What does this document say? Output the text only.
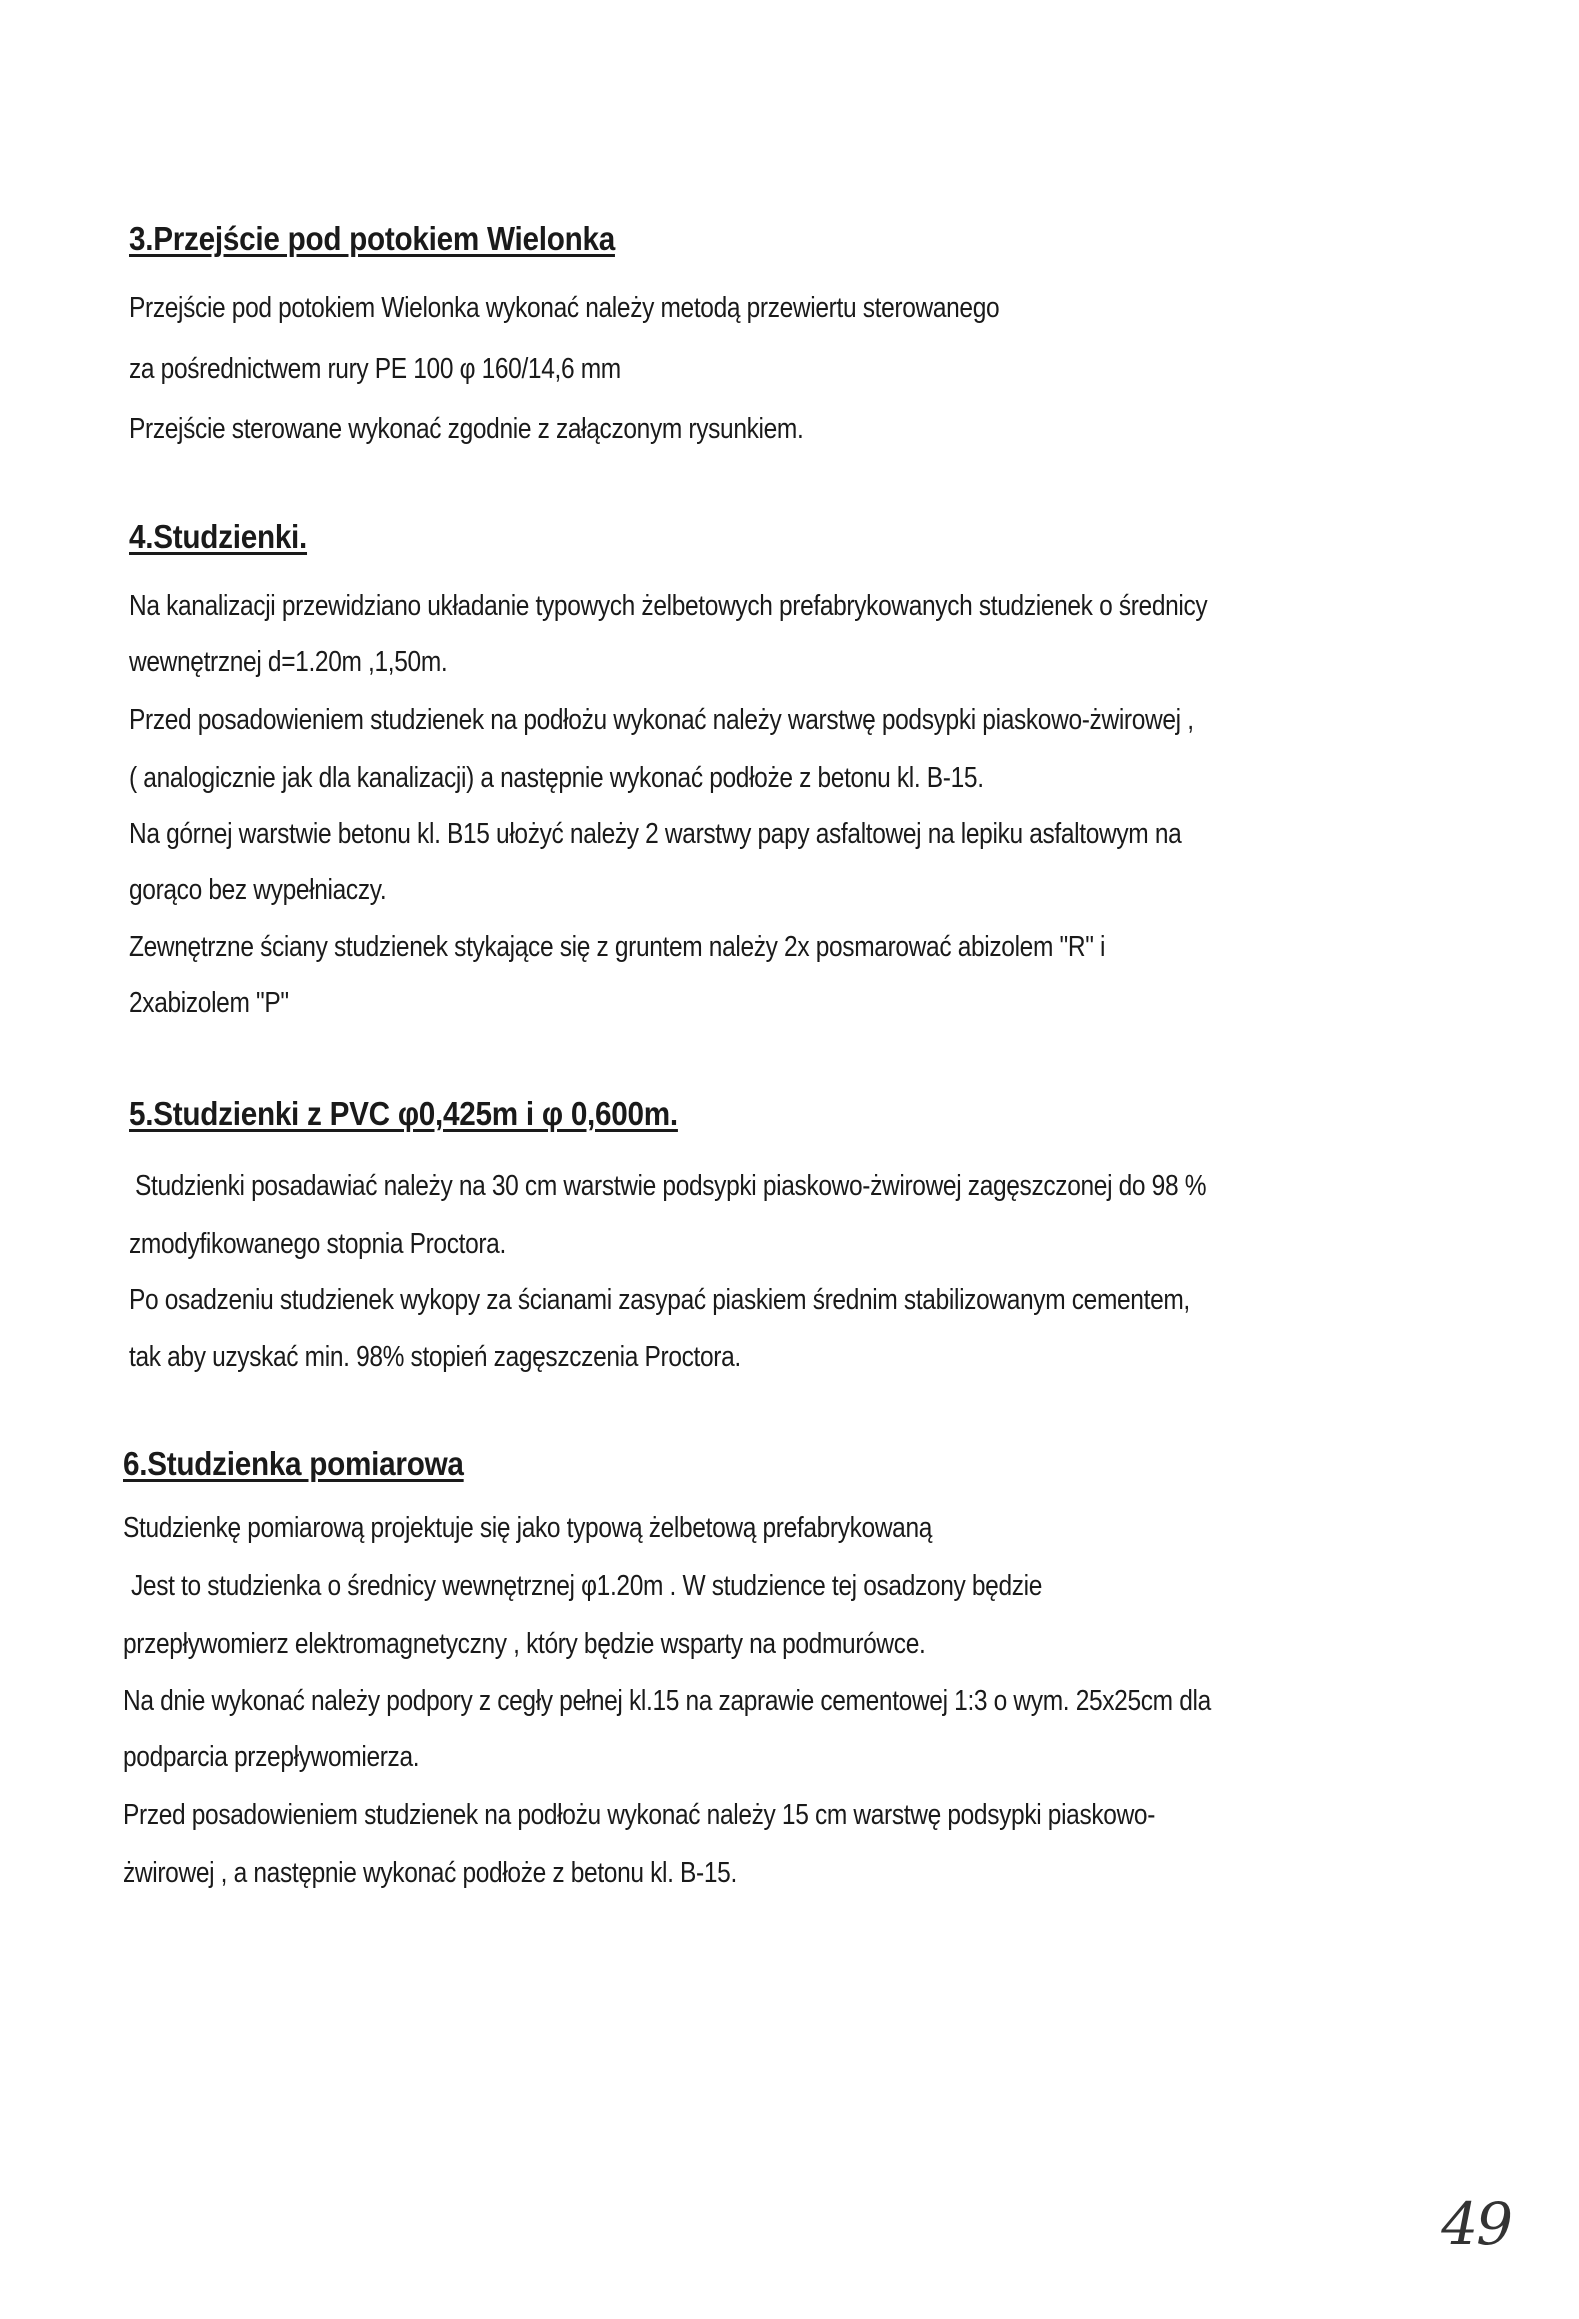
3.Przejście pod potokiem Wielonka

Przejście pod potokiem Wielonka wykonać należy metodą przewiertu sterowanego

za pośrednictwem rury PE 100 φ 160/14,6 mm

Przejście sterowane wykonać zgodnie z załączonym rysunkiem.

4.Studzienki.

Na kanalizacji przewidziano układanie typowych żelbetowych prefabrykowanych studzienek o średnicy

wewnętrznej d=1.20m ,1,50m.

Przed posadowieniem studzienek na podłożu wykonać należy warstwę podsypki piaskowo-żwirowej ,

( analogicznie jak dla kanalizacji) a następnie wykonać podłoże z betonu kl. B-15.

Na górnej warstwie betonu kl. B15 ułożyć należy 2 warstwy papy asfaltowej na lepiku asfaltowym na

gorąco bez wypełniaczy.

Zewnętrzne ściany studzienek stykające się z gruntem należy 2x posmarować abizolem "R" i

2xabizolem "P"

5.Studzienki z PVC φ0,425m i φ 0,600m.

Studzienki posadawiać należy na 30 cm warstwie podsypki piaskowo-żwirowej zagęszczonej do 98 %

zmodyfikowanego stopnia Proctora.

Po osadzeniu studzienek wykopy za ścianami zasypać piaskiem średnim stabilizowanym cementem,

tak aby uzyskać min. 98% stopień zagęszczenia Proctora.

6.Studzienka pomiarowa

Studzienkę pomiarową projektuje się jako typową żelbetową prefabrykowaną

Jest to studzienka o średnicy wewnętrznej φ1.20m . W studzience tej osadzony będzie

przepływomierz elektromagnetyczny , który będzie wsparty na podmurówce.

Na dnie wykonać należy podpory z cegły pełnej kl.15 na zaprawie cementowej 1:3 o wym. 25x25cm dla

podparcia przepływomierza.

Przed posadowieniem studzienek na podłożu wykonać należy 15 cm warstwę podsypki piaskowo-

żwirowej , a następnie wykonać podłoże z betonu kl. B-15.

49
